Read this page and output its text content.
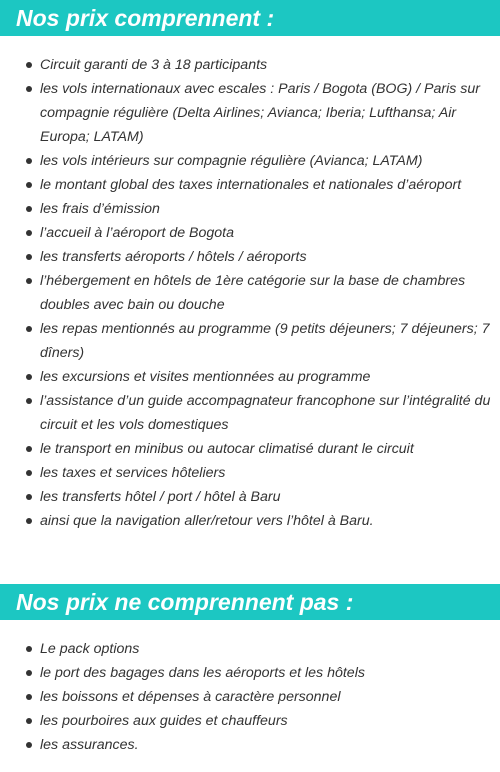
Nos prix comprennent :
Circuit garanti de 3 à 18 participants
les vols internationaux avec escales : Paris / Bogota (BOG) / Paris sur compagnie régulière (Delta Airlines; Avianca; Iberia; Lufthansa; Air Europa; LATAM)
les vols intérieurs sur compagnie régulière (Avianca; LATAM)
le montant global des taxes internationales et nationales d’aéroport
les frais d’émission
l’accueil à l’aéroport de Bogota
les transferts aéroports / hôtels / aéroports
l’hébergement en hôtels de 1ère catégorie sur la base de chambres doubles avec bain ou douche
les repas mentionnés au programme (9 petits déjeuners; 7 déjeuners; 7 dîners)
les excursions et visites mentionnées au programme
l’assistance d’un guide accompagnateur francophone sur l’intégralité du circuit et les vols domestiques
le transport en minibus ou autocar climatisé durant le circuit
les taxes et services hôteliers
les transferts hôtel / port / hôtel à Baru
ainsi que la navigation aller/retour vers l’hôtel à Baru.
Nos prix ne comprennent pas :
Le pack options
le port des bagages dans les aéroports et les hôtels
les boissons et dépenses à caractère personnel
les pourboires aux guides et chauffeurs
les assurances.
